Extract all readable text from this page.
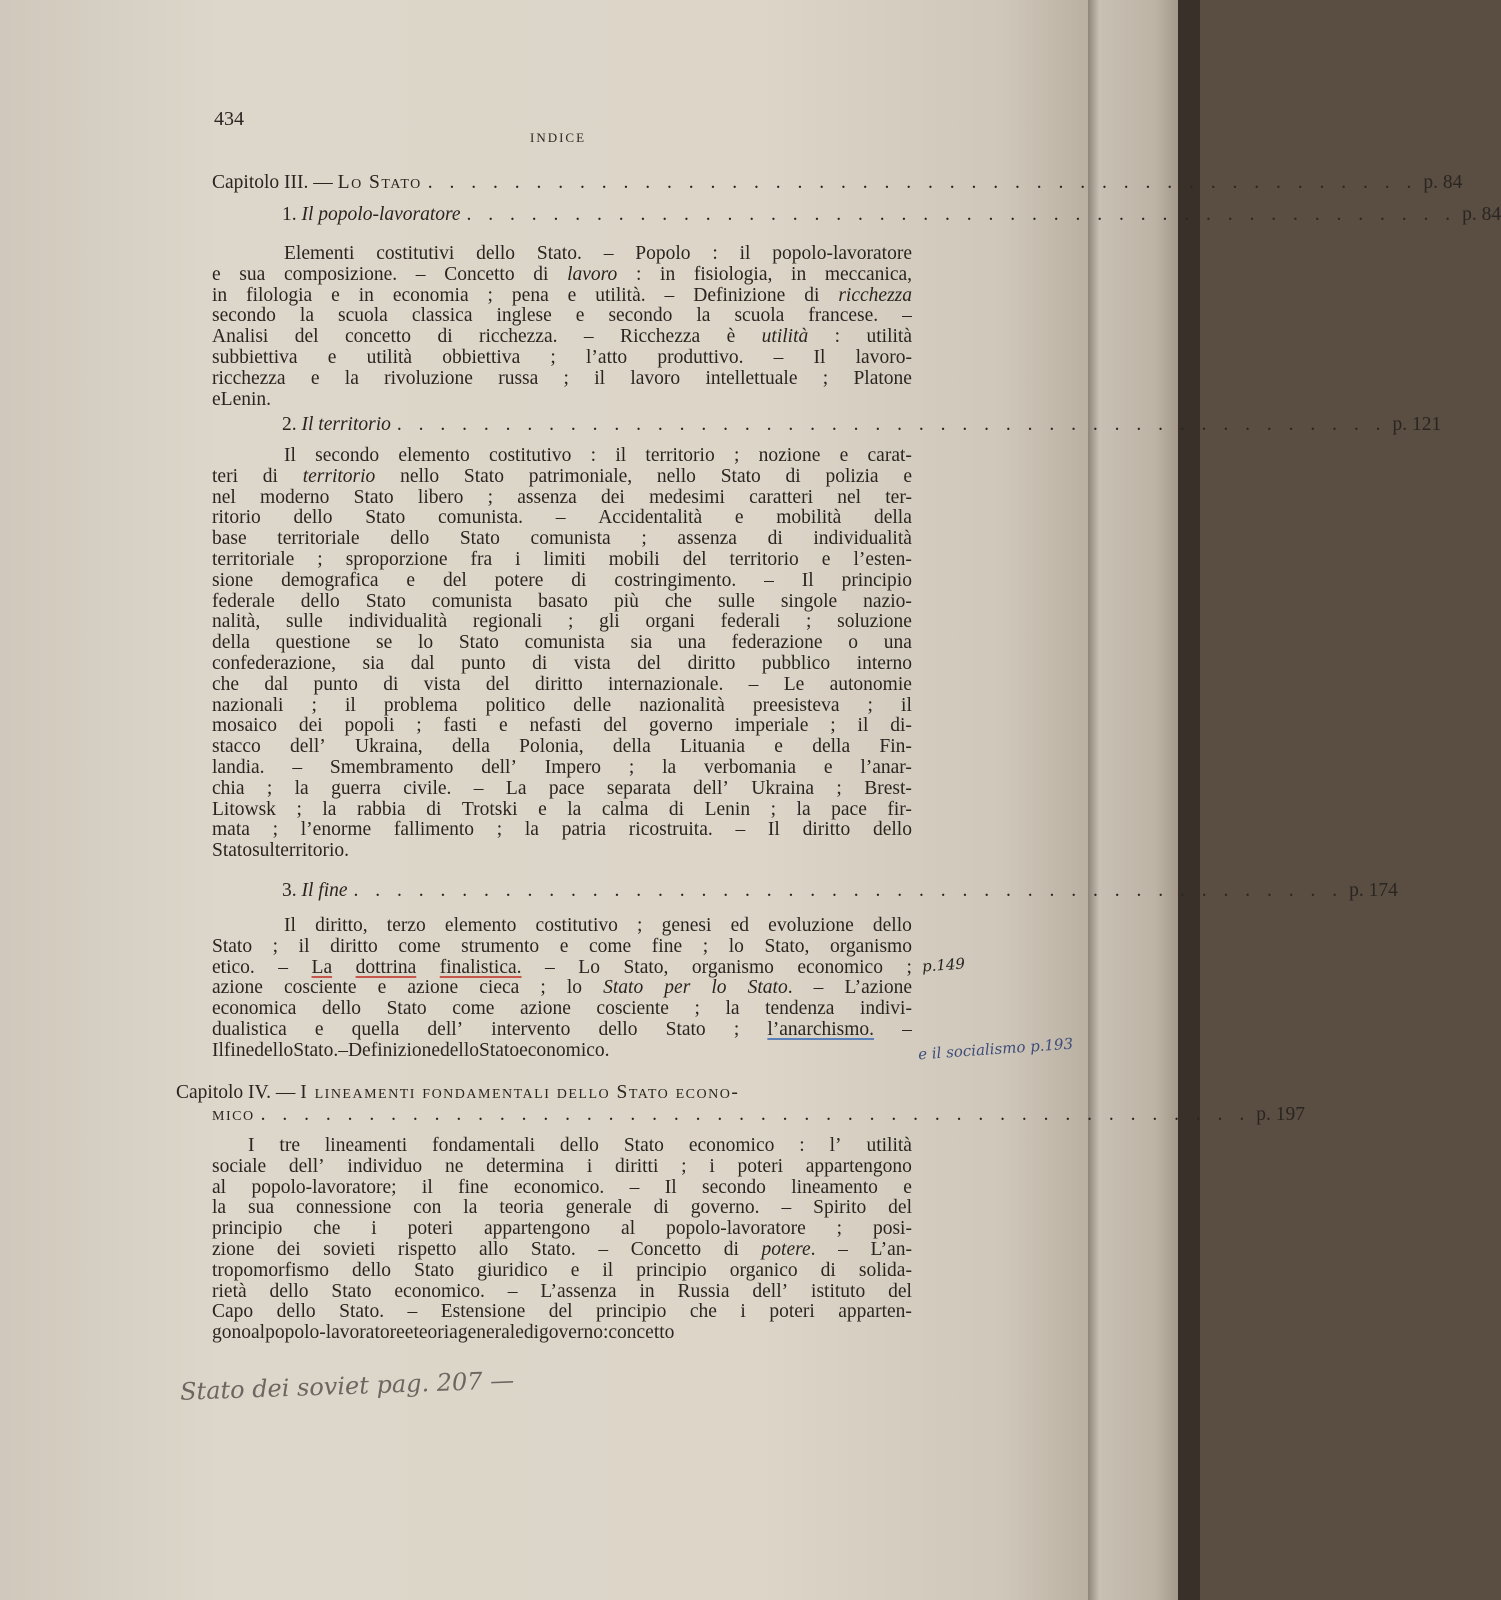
434
INDICE
Capitolo III. — Lo Stato . . . . . . . . . . . . . . . . . . . . . . . . . . . . . . . . . . . . . . . . . . . . . . p. 84
1. Il popolo-lavoratore . . . . . . . . . . . . . . . . . . . . . . . . . . . . . . . . . . . . . . . . . . . . . . p. 84
Elementi costitutivi dello Stato. – Popolo : il popolo-lavoratore
e sua composizione. – Concetto di lavoro : in fisiologia, in meccanica,
in filologia e in economia ; pena e utilità. – Definizione di ricchezza
secondo la scuola classica inglese e secondo la scuola francese. –
Analisi del concetto di ricchezza. – Ricchezza è utilità : utilità
subbiettiva e utilità obbiettiva ; l’atto produttivo. – Il lavoro-
ricchezza e la rivoluzione russa ; il lavoro intellettuale ; Platone
e Lenin.
2. Il territorio . . . . . . . . . . . . . . . . . . . . . . . . . . . . . . . . . . . . . . . . . . . . . . p. 121
Il secondo elemento costitutivo : il territorio ; nozione e carat-
teri di territorio nello Stato patrimoniale, nello Stato di polizia e
nel moderno Stato libero ; assenza dei medesimi caratteri nel ter-
ritorio dello Stato comunista. – Accidentalità e mobilità della
base territoriale dello Stato comunista ; assenza di individualità
territoriale ; sproporzione fra i limiti mobili del territorio e l’esten-
sione demografica e del potere di costringimento. – Il principio
federale dello Stato comunista basato più che sulle singole nazio-
nalità, sulle individualità regionali ; gli organi federali ; soluzione
della questione se lo Stato comunista sia una federazione o una
confederazione, sia dal punto di vista del diritto pubblico interno
che dal punto di vista del diritto internazionale. – Le autonomie
nazionali ; il problema politico delle nazionalità preesisteva ; il
mosaico dei popoli ; fasti e nefasti del governo imperiale ; il di-
stacco dell’ Ukraina, della Polonia, della Lituania e della Fin-
landia. – Smembramento dell’ Impero ; la verbomania e l’anar-
chia ; la guerra civile. – La pace separata dell’ Ukraina ; Brest-
Litowsk ; la rabbia di Trotski e la calma di Lenin ; la pace fir-
mata ; l’enorme fallimento ; la patria ricostruita. – Il diritto dello
Stato sul territorio.
3. Il fine . . . . . . . . . . . . . . . . . . . . . . . . . . . . . . . . . . . . . . . . . . . . . . p. 174
Il diritto, terzo elemento costitutivo ; genesi ed evoluzione dello
Stato ; il diritto come strumento e come fine ; lo Stato, organismo
etico. – La dottrina finalistica. – Lo Stato, organismo economico ;
azione cosciente e azione cieca ; lo Stato per lo Stato. – L’azione
economica dello Stato come azione cosciente ; la tendenza indivi-
dualistica e quella dell’ intervento dello Stato ; l’anarchismo. –
Il fine dello Stato. – Definizione dello Stato economico.
Capitolo IV. — I lineamenti fondamentali dello Stato econo-
mico . . . . . . . . . . . . . . . . . . . . . . . . . . . . . . . . . . . . . . . . . . . . . . p. 197
I tre lineamenti fondamentali dello Stato economico : l’ utilità
sociale dell’ individuo ne determina i diritti ; i poteri appartengono
al popolo-lavoratore; il fine economico. – Il secondo lineamento e
la sua connessione con la teoria generale di governo. – Spirito del
principio che i poteri appartengono al popolo-lavoratore ; posi-
zione dei sovieti rispetto allo Stato. – Concetto di potere. – L’an-
tropomorfismo dello Stato giuridico e il principio organico di solida-
rietà dello Stato economico. – L’assenza in Russia dell’ istituto del
Capo dello Stato. – Estensione del principio che i poteri apparten-
gono al popolo-lavoratore e teoria generale di governo : concetto
p.149
e il socialismo p.193
Stato dei soviet pag. 207 —
